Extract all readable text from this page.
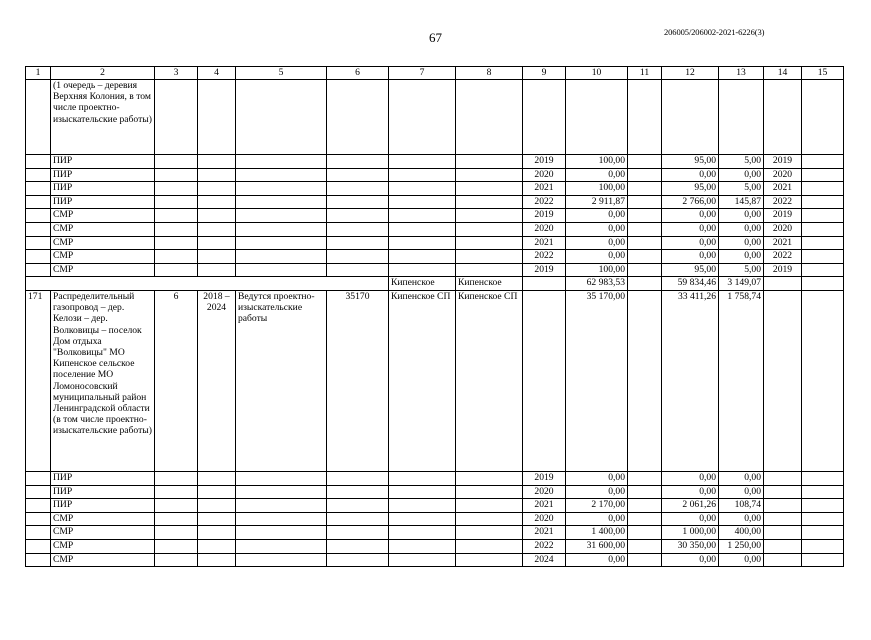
67	206005/206002-2021-6226(3)
1	2	3	4	5	6	7	8	9	10	11	12	13	14	15
	(1 очередь – деревия Верхняя Колония, в том числе проектно-изыскательские работы)													
	ПИР							2019	100,00		95,00	5,00	2019	
	ПИР							2020	0,00		0,00	0,00	2020	
	ПИР							2021	100,00		95,00	5,00	2021	
	ПИР							2022	2 911,87		2 766,00	145,87	2022	
	СМР							2019	0,00		0,00	0,00	2019	
	СМР							2020	0,00		0,00	0,00	2020	
	СМР							2021	0,00		0,00	0,00	2021	
	СМР							2022	0,00		0,00	0,00	2022	
	СМР							2019	100,00		95,00	5,00	2019	
						Кипенское	Кипенское		62 983,53		59 834,46	3 149,07		
171	Распределительный газопровод – дер. Келози – дер. Волковицы – поселок Дом отдыха "Волковицы" МО Кипенское сельское поселение МО Ломоносовский муниципальный район Ленинградской области (в том числе проектно-изыскательские работы)	6	2018 – 2024	Ведутся проектно-изыскательские работы	35170	Кипенское СП	Кипенское СП		35 170,00		33 411,26	1 758,74		
	ПИР							2019	0,00		0,00	0,00		
	ПИР							2020	0,00		0,00	0,00		
	ПИР							2021	2 170,00		2 061,26	108,74		
	СМР							2020	0,00		0,00	0,00		
	СМР							2021	1 400,00		1 000,00	400,00		
	СМР							2022	31 600,00		30 350,00	1 250,00		
	СМР							2024	0,00		0,00	0,00		
